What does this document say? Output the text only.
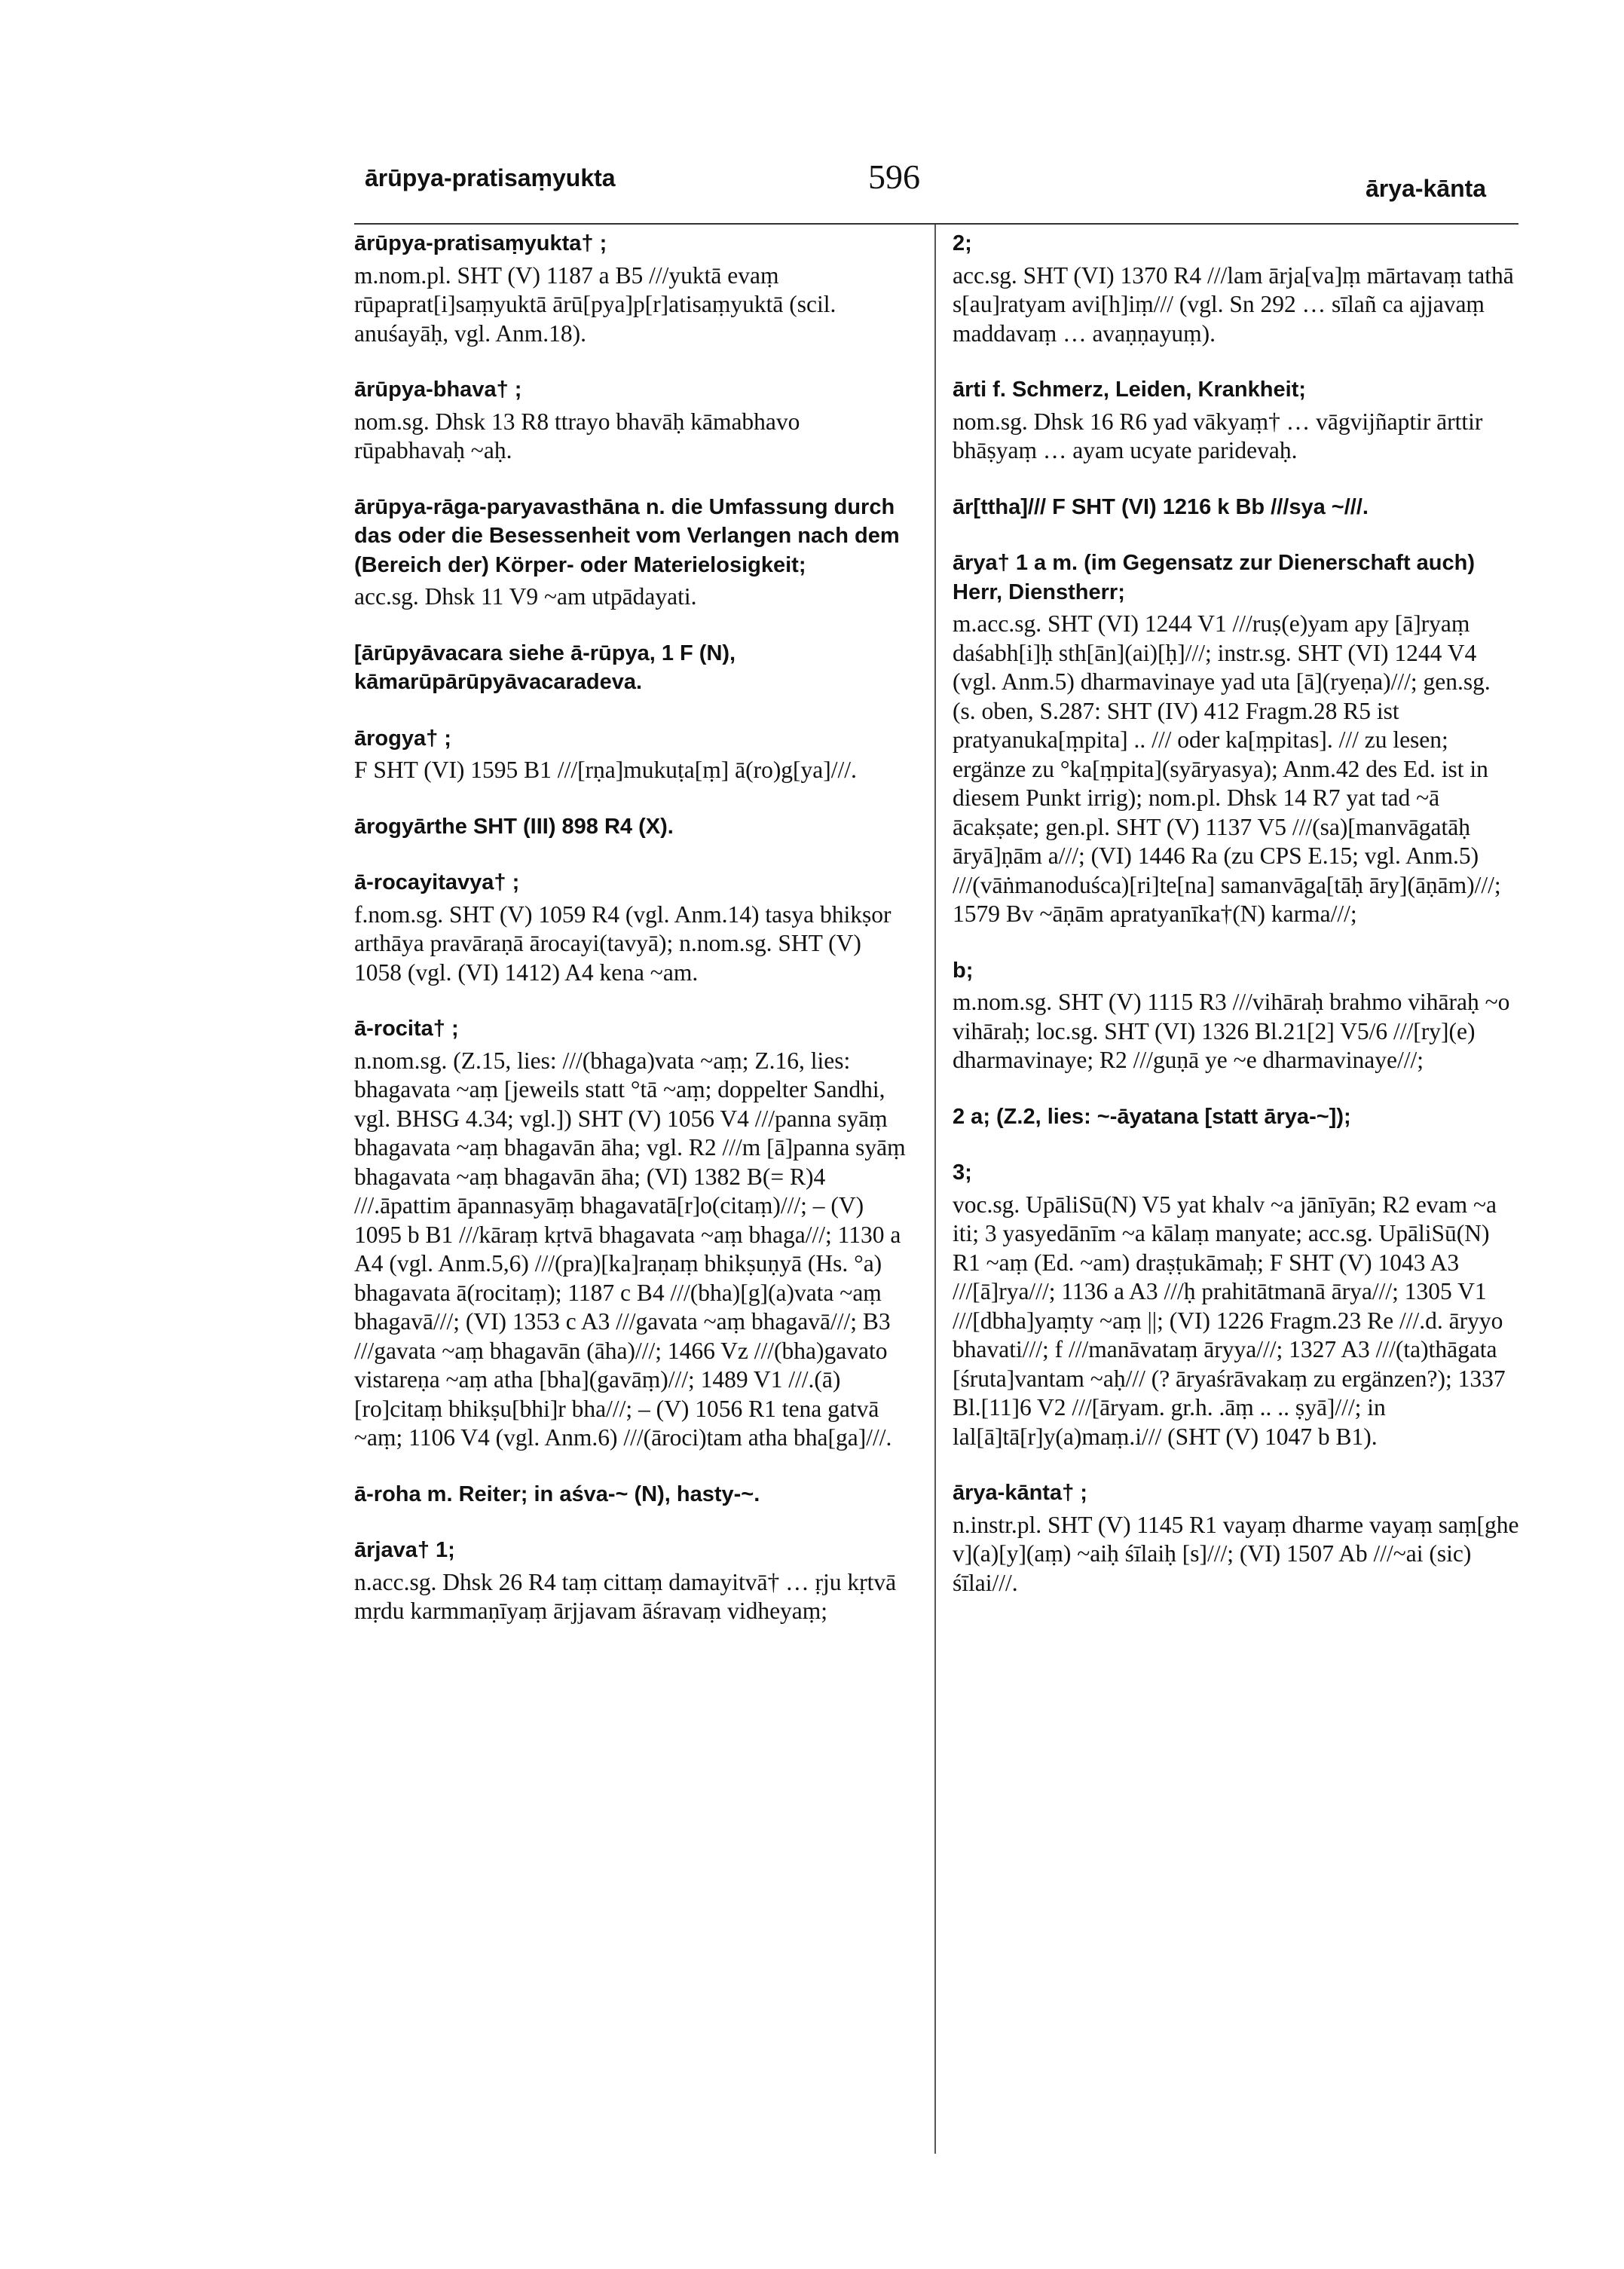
ārūpya-pratisaṃyukta	596	ārya-kānta
ārūpya-pratisaṃyukta† ;
m.nom.pl. SHT (V) 1187 a B5 ///yuktā evaṃ rūpaprat[i]saṃyuktā ārū[pya]p[r]atisaṃyuktā (scil. anuśayāḥ, vgl. Anm.18).
ārūpya-bhava† ;
nom.sg. Dhsk 13 R8 ttrayo bhavāḥ kāmabhavo rūpabhavaḥ ~aḥ.
ārūpya-rāga-paryavasthāna n. die Umfassung durch das oder die Besessenheit vom Verlangen nach dem (Bereich der) Körper- oder Materielosigkeit;
acc.sg. Dhsk 11 V9 ~am utpādayati.
[ārūpyāvacara siehe ā-rūpya, 1 F (N), kāmarūpārūpyāvacaradeva.
ārogya† ;
F SHT (VI) 1595 B1 ///[rṇa]mukuṭa[ṃ] ā(ro)g[ya]///.
ārogyārthe SHT (III) 898 R4 (X).
ā-rocayitavya† ;
f.nom.sg. SHT (V) 1059 R4 (vgl. Anm.14) tasya bhikṣor arthāya pravāraṇā ārocayi(tavyā); n.nom.sg. SHT (V) 1058 (vgl. (VI) 1412) A4 kena ~am.
ā-rocita† ;
n.nom.sg. (Z.15, lies: ///(bhaga)vata ~aṃ; Z.16, lies: bhagavata ~aṃ [jeweils statt °tā ~aṃ; doppelter Sandhi, vgl. BHSG 4.34; vgl.]) SHT (V) 1056 V4 ///panna syāṃ bhagavata ~aṃ bhagavān āha; vgl. R2 ///m [ā]panna syāṃ bhagavata ~aṃ bhagavān āha; (VI) 1382 B(= R)4 ///.āpattim āpannasyāṃ bhagavatā[r]o(citaṃ)///; – (V) 1095 b B1 ///kāraṃ kṛtvā bhagavata ~aṃ bhaga///; 1130 a A4 (vgl. Anm.5,6) ///(pra)[ka]raṇaṃ bhikṣuṇyā (Hs. °a) bhagavata ā(rocitaṃ); 1187 c B4 ///(bha)[g](a)vata ~aṃ bhagavā///; (VI) 1353 c A3 ///gavata ~aṃ bhagavā///; B3 ///gavata ~aṃ bhagavān (āha)///; 1466 Vz ///(bha)gavato vistareṇa ~aṃ atha [bha](gavāṃ)///; 1489 V1 ///.(ā)[ro]citaṃ bhikṣu[bhi]r bha///; – (V) 1056 R1 tena gatvā ~aṃ; 1106 V4 (vgl. Anm.6) ///(āroci)tam atha bha[ga]///.
ā-roha m. Reiter; in aśva-~ (N), hasty-~.
ārjava† 1;
n.acc.sg. Dhsk 26 R4 taṃ cittaṃ damayitvā† … ṛju kṛtvā mṛdu karmmaṇīyaṃ ārjjavam āśravaṃ vidheyaṃ;
2;
acc.sg. SHT (VI) 1370 R4 ///lam ārja[va]ṃ mārtavaṃ tathā s[au]ratyam avi[h]iṃ/// (vgl. Sn 292 … sīlañ ca ajjavaṃ maddavaṃ … avaṇṇayuṃ).
ārti f. Schmerz, Leiden, Krankheit;
nom.sg. Dhsk 16 R6 yad vākyaṃ† … vāgvijñaptir ārttir bhāṣyaṃ … ayam ucyate paridevaḥ.
ār[ttha]/// F SHT (VI) 1216 k Bb ///sya ~///.
ārya† 1 a m. (im Gegensatz zur Dienerschaft auch) Herr, Dienstherr;
m.acc.sg. SHT (VI) 1244 V1 ///ruṣ(e)yam apy [ā]ryaṃ daśabh[i]ḥ sth[ān](ai)[ḥ]///; instr.sg. SHT (VI) 1244 V4 (vgl. Anm.5) dharmavinaye yad uta [ā](ryeṇa)///; gen.sg. (s. oben, S.287: SHT (IV) 412 Fragm.28 R5 ist pratyanuka[ṃpita] .. /// oder ka[ṃpitas]. /// zu lesen; ergänze zu °ka[ṃpita](syāryasya); Anm.42 des Ed. ist in diesem Punkt irrig); nom.pl. Dhsk 14 R7 yat tad ~ā ācakṣate; gen.pl. SHT (V) 1137 V5 ///(sa)[manvāgatāḥ āryā]ṇām a///; (VI) 1446 Ra (zu CPS E.15; vgl. Anm.5) ///(vāṅmanoduśca)[ri]te[na] samanvāga[tāḥ āry](āṇām)///; 1579 Bv ~āṇām apratyanīka†(N) karma///;
b;
m.nom.sg. SHT (V) 1115 R3 ///vihāraḥ brahmo vihāraḥ ~o vihāraḥ; loc.sg. SHT (VI) 1326 Bl.21[2] V5/6 ///[ry](e) dharmavinaye; R2 ///guṇā ye ~e dharmavinaye///;
2 a; (Z.2, lies: ~-āyatana [statt ārya-~]);
3;
voc.sg. UpāliSū(N) V5 yat khalv ~a jānīyān; R2 evam ~a iti; 3 yasyedānīm ~a kālaṃ manyate; acc.sg. UpāliSū(N) R1 ~aṃ (Ed. ~am) draṣṭukāmaḥ; F SHT (V) 1043 A3 ///[ā]rya///; 1136 a A3 ///ḥ prahitātmanā ārya///; 1305 V1 ///[dbha]yaṃty ~aṃ ||; (VI) 1226 Fragm.23 Re ///.d. āryyo bhavati///; f ///manāvataṃ āryya///; 1327 A3 ///(ta)thāgata [śruta]vantam ~aḥ/// (? āryaśrāvakaṃ zu ergänzen?); 1337 Bl.[11]6 V2 ///[āryam. gr.h. .āṃ .. .. ṣyā]///; in lal[ā]tā[r]y(a)maṃ.i/// (SHT (V) 1047 b B1).
ārya-kānta† ;
n.instr.pl. SHT (V) 1145 R1 vayaṃ dharme vayaṃ saṃ[ghe v](a)[y](aṃ) ~aiḥ śīlaiḥ [s]///; (VI) 1507 Ab ///~ai (sic) śīlai///.
